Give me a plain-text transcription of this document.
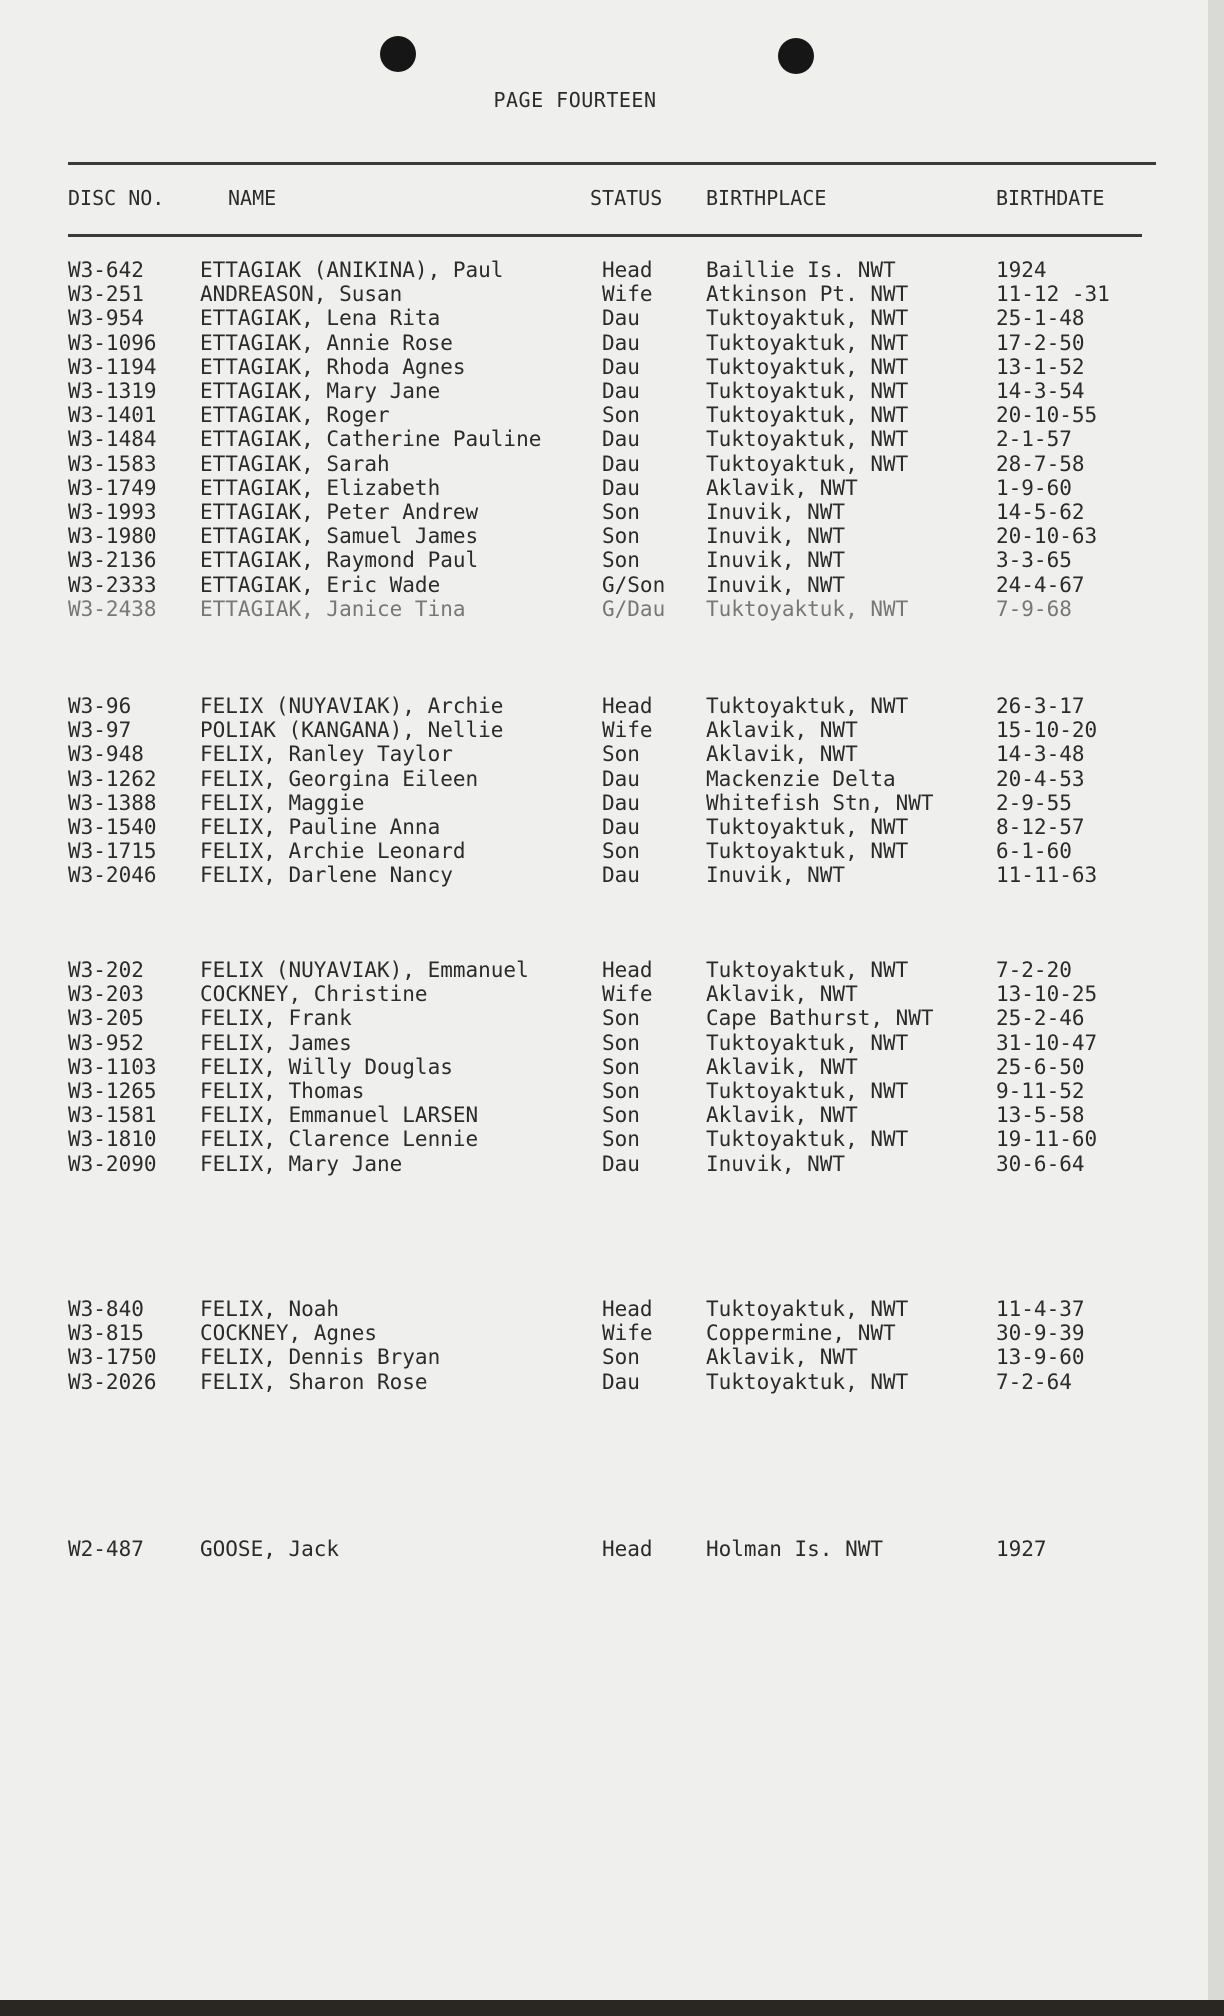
PAGE FOURTEEN
DISC NO.	NAME	STATUS BIRTHPLACE	BIRTHDATE
W3-642	ETTAGIAK (ANIKINA), Paul	Head	Baillie Is. NWT	1924
W3-251	ANDREASON, Susan	Wife	Atkinson Pt. NWT	11-12 -31
W3-954	ETTAGIAK, Lena Rita	Dau	Tuktoyaktuk, NWT	25-1-48
W3-1096 ETTAGIAK, Annie Rose	Dau	Tuktoyaktuk, NWT	17-2-50
W3-1194 ETTAGIAK, Rhoda Agnes	Dau	Tuktoyaktuk, NWT	13-1-52
W3-1319 ETTAGIAK, Mary Jane	Dau	Tuktoyaktuk, NWT	14-3-54
W3-1401 ETTAGIAK, Roger	Son	Tuktoyaktuk, NWT	20-10-55
W3-1484 ETTAGIAK, Catherine Pauline	Dau	Tuktoyaktuk, NWT	2-1-57
W3-1583 ETTAGIAK, Sarah	Dau	Tuktoyaktuk, NWT	28-7-58
W3-1749 ETTAGIAK, Elizabeth	Dau	Aklavik, NWT	1-9-60
W3-1993 ETTAGIAK, Peter Andrew	Son	Inuvik, NWT	14-5-62
W3-1980 ETTAGIAK, Samuel James	Son	Inuvik, NWT	20-10-63
W3-2136 ETTAGIAK, Raymond Paul	Son	Inuvik, NWT	3-3-65
W3-2333 ETTAGIAK, Eric Wade	G/Son Inuvik, NWT	24-4-67
W3-2438 ETTAGIAK, Janice Tina	G/Dau Tuktoyaktuk, NWT	7-9-68
W3-96	FELIX (NUYAVIAK), Archie	Head	Tuktoyaktuk, NWT	26-3-17
W3-97	POLIAK (KANGANA), Nellie	Wife	Aklavik, NWT	15-10-20
W3-948	FELIX, Ranley Taylor	Son	Aklavik, NWT	14-3-48
W3-1262 FELIX, Georgina Eileen	Dau	Mackenzie Delta	20-4-53
W3-1388 FELIX, Maggie	Dau	Whitefish Stn, NWT	2-9-55
W3-1540 FELIX, Pauline Anna	Dau	Tuktoyaktuk, NWT	8-12-57
W3-1715 FELIX, Archie Leonard	Son	Tuktoyaktuk, NWT	6-1-60
W3-2046 FELIX, Darlene Nancy	Dau	Inuvik, NWT	11-11-63
W3-202	FELIX (NUYAVIAK), Emmanuel	Head	Tuktoyaktuk, NWT	7-2-20
W3-203	COCKNEY, Christine	Wife	Aklavik, NWT	13-10-25
W3-205	FELIX, Frank	Son	Cape Bathurst, NWT	25-2-46
W3-952	FELIX, James	Son	Tuktoyaktuk, NWT	31-10-47
W3-1103 FELIX, Willy Douglas	Son	Aklavik, NWT	25-6-50
W3-1265 FELIX, Thomas	Son	Tuktoyaktuk, NWT	9-11-52
W3-1581 FELIX, Emmanuel LARSEN	Son	Aklavik, NWT	13-5-58
W3-1810 FELIX, Clarence Lennie	Son	Tuktoyaktuk, NWT	19-11-60
W3-2090 FELIX, Mary Jane	Dau	Inuvik, NWT	30-6-64
W3-840	FELIX, Noah	Head	Tuktoyaktuk, NWT	11-4-37
W3-815	COCKNEY, Agnes	Wife	Coppermine, NWT	30-9-39
W3-1750 FELIX, Dennis Bryan	Son	Aklavik, NWT	13-9-60
W3-2026 FELIX, Sharon Rose	Dau	Tuktoyaktuk, NWT	7-2-64
W2-487	GOOSE, Jack	Head	Holman Is. NWT	1927
